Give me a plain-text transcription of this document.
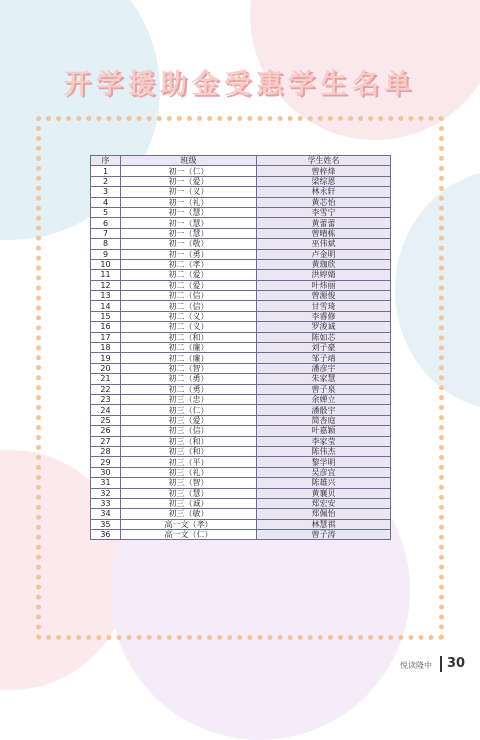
开学援助金受惠学生名单
序	班级	学生姓名
1	初一（仁）	曾梓烽
2	初一（爱）	梁综恩
3	初一（义）	林永轩
4	初一（礼）	黄芯怡
5	初一（慧）	李雪宁
6	初一（慧）	黄蕾蕾
7	初一（慧）	曾晴栋
8	初一（敬）	巫伟斌
9	初一（勇）	卢金明
10	初二（孝）	黄珈欣
11	初二（爱）	洪婷婧
12	初二（爱）	叶炜丽
13	初二（信）	曾源俊
14	初二（信）	甘雪琦
15	初二（义）	李睿修
16	初二（义）	罗浚诚
17	初二（和）	陈如芯
18	初二（廉）	刘子豪
19	初二（廉）	邹子靖
20	初二（智）	潘彦宇
21	初二（勇）	朱家慧
22	初二（勇）	曾子泉
23	初三（忠）	余婵立
24	初三（仁）	潘骰宇
25	初三（爱）	简杏庭
26	初三（信）	叶嘉颖
27	初三（和）	李家莹
28	初三（和）	陈伟杰
29	初三（平）	黎学明
30	初三（礼）	吴彦宜
31	初三（智）	陈雄兴
32	初三（慧）	黄襄贝
33	初三（诚）	郑宏安
34	初三（敏）	郑佩怡
35	高一文（孝）	林慧祺
36	高一文（仁）	曾子涛
悦读隆中	30
